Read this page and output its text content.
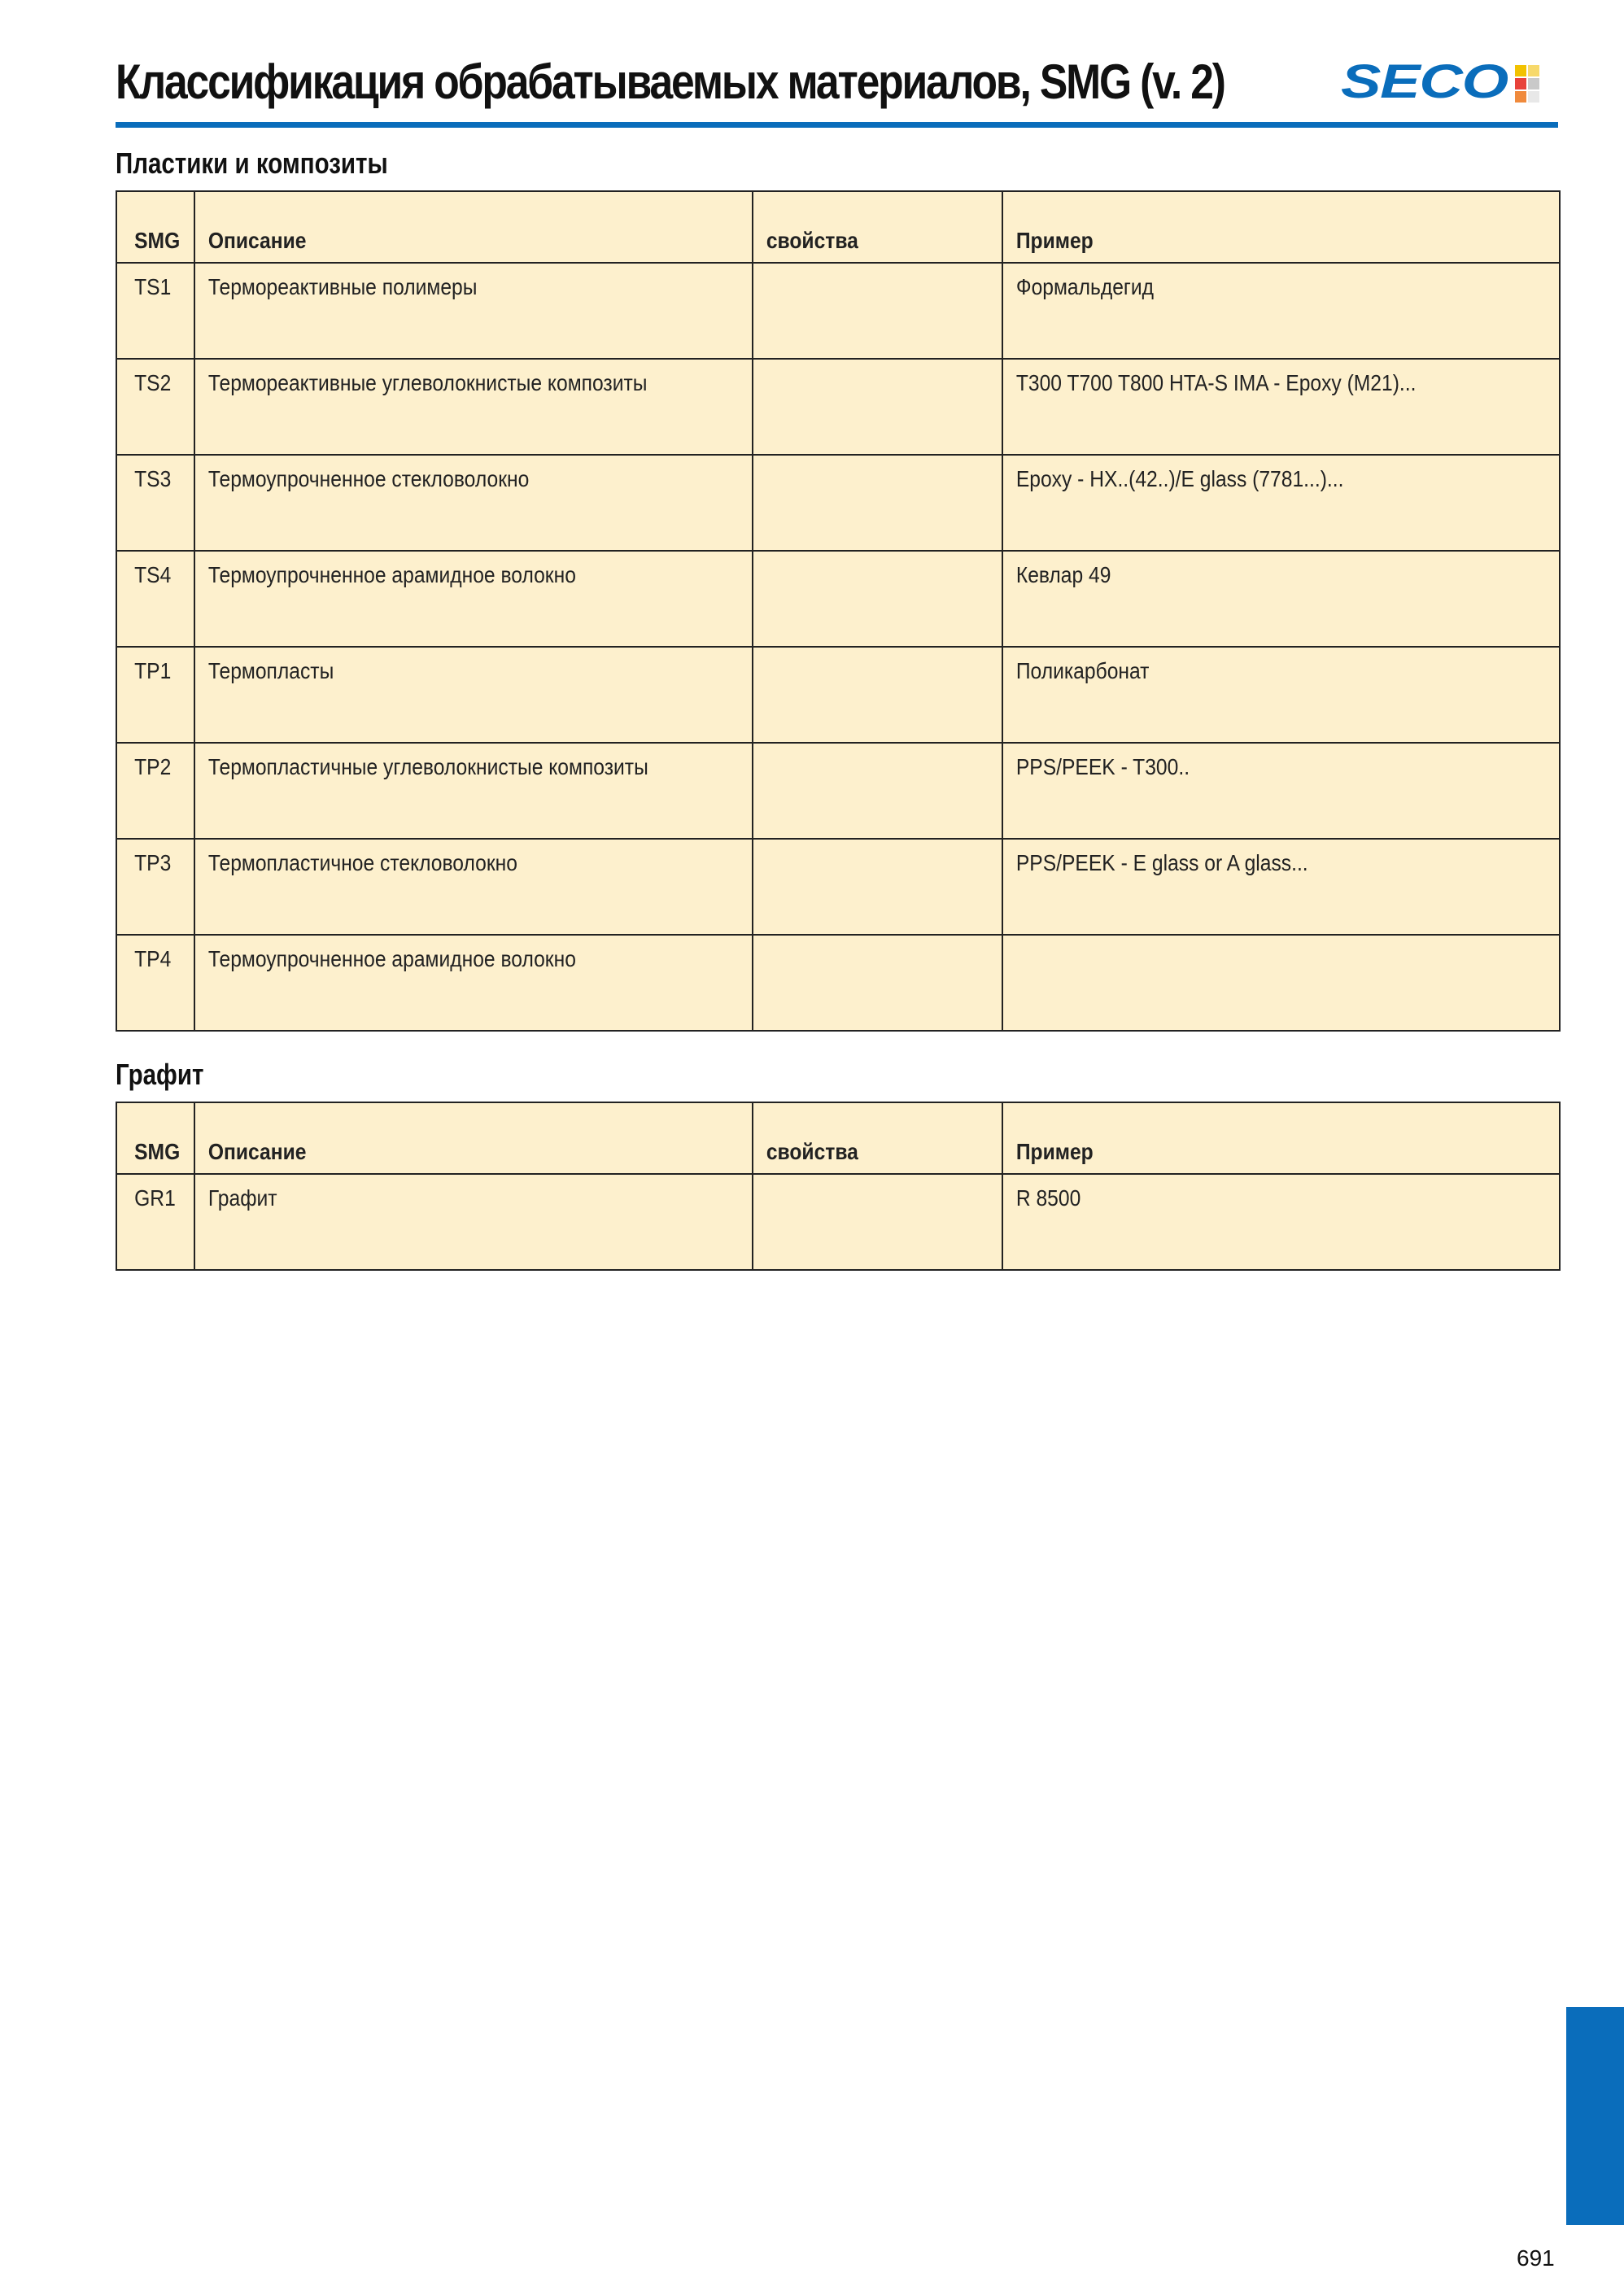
Классификация обрабатываемых материалов, SMG (v. 2) SECO
Пластики и композиты
SMG	Описание	свойства	Пример
TS1	Термореактивные полимеры		Формальдегид
TS2	Термореактивные углеволокнистые композиты		T300 T700 T800 HTA-S IMA - Epoxy (M21)...
TS3	Термоупрочненное стекловолокно		Epoxy - HX..(42..)/E glass (7781...)...
TS4	Термоупрочненное арамидное волокно		Кевлар 49
TP1	Термопласты		Поликарбонат
TP2	Термопластичные углеволокнистые композиты		PPS/PEEK - T300..
TP3	Термопластичное стекловолокно		PPS/PEEK - E glass or A glass...
TP4	Термоупрочненное арамидное волокно		
Графит
SMG	Описание	свойства	Пример
GR1	Графит		R 8500
691
